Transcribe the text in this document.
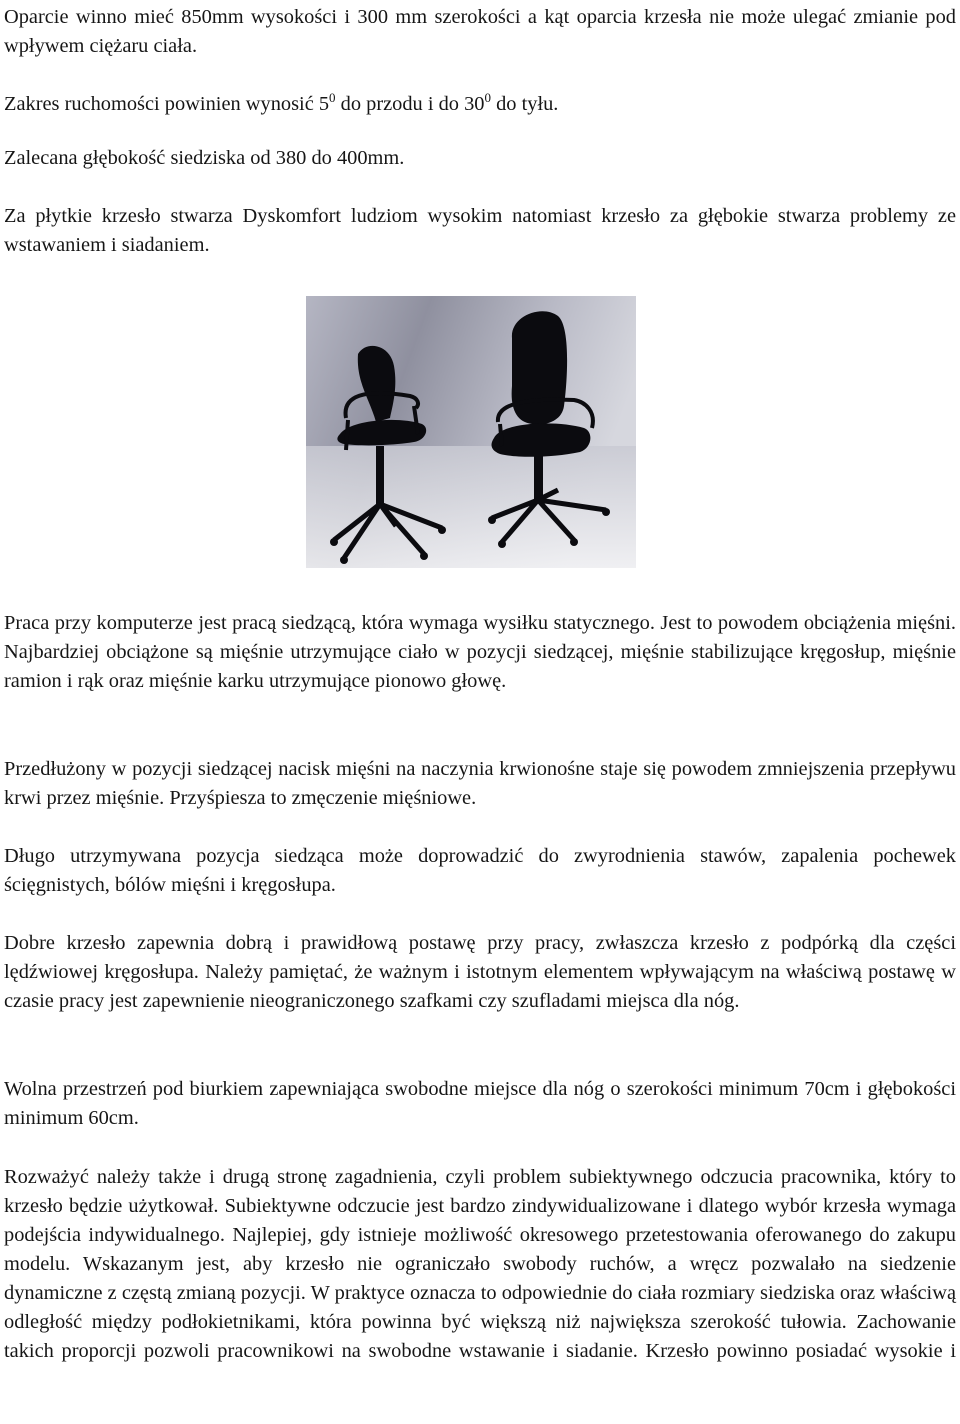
Oparcie winno mieć 850mm wysokości i 300 mm szerokości a kąt oparcia krzesła nie może ulegać zmianie pod wpływem ciężaru ciała.

Zakres ruchomości powinien wynosić $5^0$ do przodu i do $30^0$ do tyłu.

Zalecana głębokość siedziska od 380 do 400mm.

Za płytkie krzesło stwarza Dyskomfort ludziom wysokim natomiast krzesło za głębokie stwarza problemy ze wstawaniem i siadaniem.

Praca przy komputerze jest pracą siedzącą, która wymaga wysiłku statycznego. Jest to powodem obciążenia mięśni. Najbardziej obciążone są mięśnie utrzymujące ciało w pozycji siedzącej, mięśnie stabilizujące kręgosłup, mięśnie ramion i rąk oraz mięśnie karku utrzymujące pionowo głowę.

Przedłużony w pozycji siedzącej nacisk mięśni na naczynia krwionośne staje się powodem zmniejszenia przepływu krwi przez mięśnie. Przyśpiesza to zmęczenie mięśniowe.

Długo utrzymywana pozycja siedząca może doprowadzić do zwyrodnienia stawów, zapalenia pochewek ścięgnistych, bólów mięśni i kręgosłupa.

Dobre krzesło zapewnia dobrą i prawidłową postawę przy pracy, zwłaszcza krzesło z podpórką dla części lędźwiowej kręgosłupa. Należy pamiętać, że ważnym i istotnym elementem wpływającym na właściwą postawę w czasie pracy jest zapewnienie nieograniczonego szafkami czy szufladami miejsca dla nóg.

Wolna przestrzeń pod biurkiem zapewniająca swobodne miejsce dla nóg o szerokości minimum 70cm i głębokości minimum 60cm.

Rozważyć należy także i drugą stronę zagadnienia, czyli problem subiektywnego odczucia pracownika, który to krzesło będzie użytkował. Subiektywne odczucie jest bardzo zindywidualizowane i dlatego wybór krzesła wymaga podejścia indywidualnego. Najlepiej, gdy istnieje możliwość okresowego przetestowania oferowanego do zakupu modelu. Wskazanym jest, aby krzesło nie ograniczało swobody ruchów, a wręcz pozwalało na siedzenie dynamiczne z częstą zmianą pozycji. W praktyce oznacza to odpowiednie do ciała rozmiary siedziska oraz właściwą odległość między podłokietnikami, która powinna być większą niż największa szerokość tułowia. Zachowanie takich proporcji pozwoli pracownikowi na swobodne wstawanie i siadanie. Krzesło powinno posiadać wysokie i
